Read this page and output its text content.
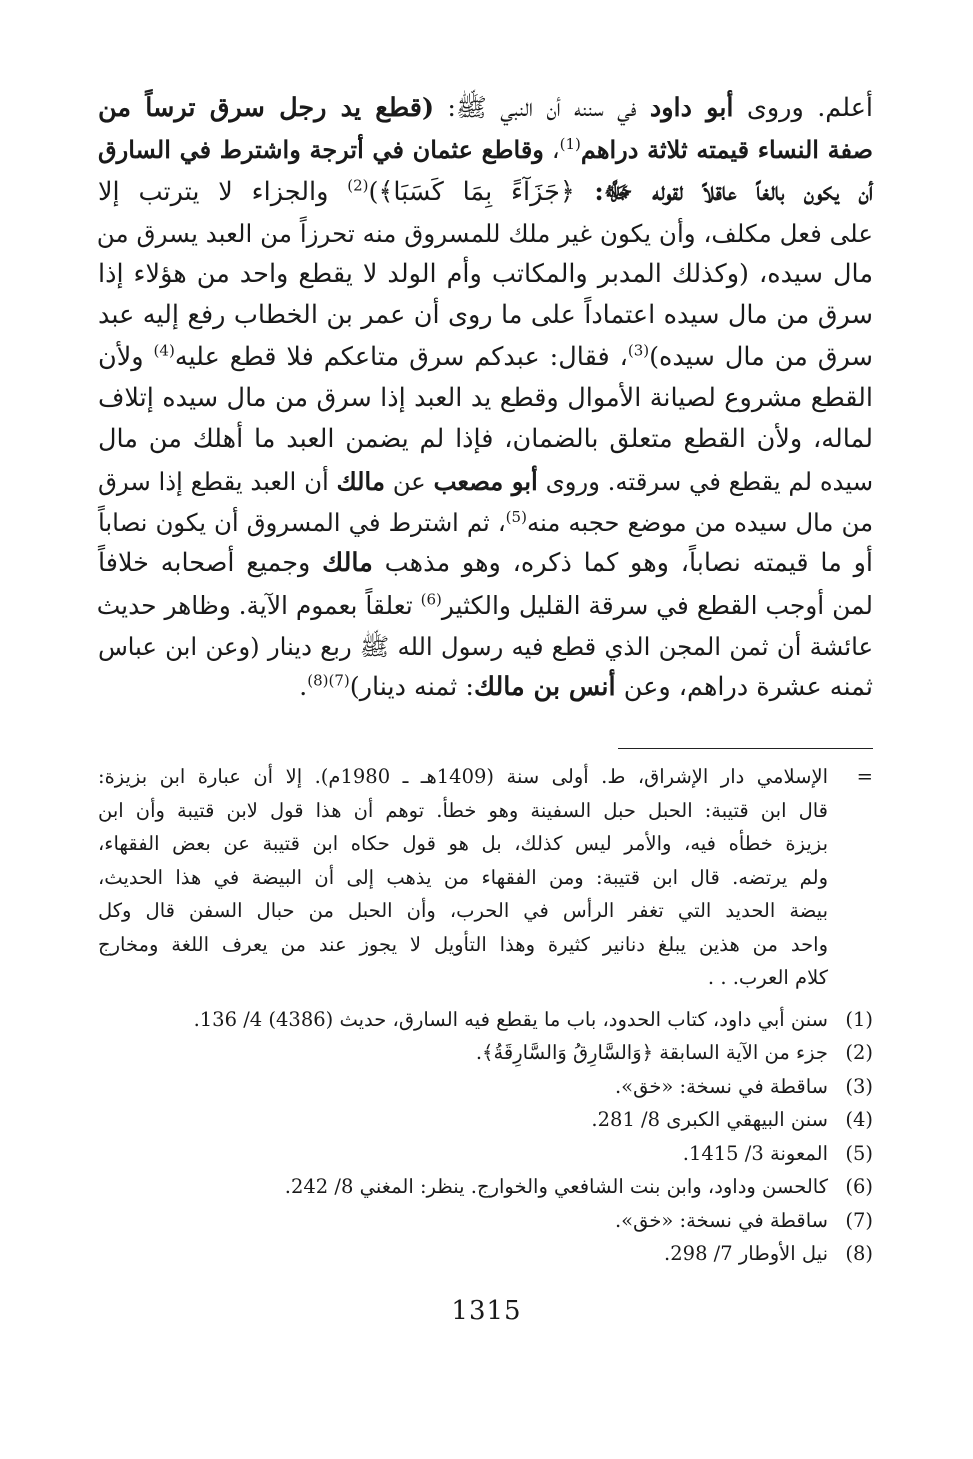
أعلم. وروى أبو داود في سننه أن النبي ﷺ: (قطع يد رجل سرق ترساً من
صفة النساء قيمته ثلاثة دراهم$^{(1)}$، وقاطع عثمان في أترجة واشترط في السارق
أن يكون بالغاً عاقلاً لقوله ﷻ: ﴿جَزَآءً بِمَا كَسَبَا﴾)$^{(2)}$ والجزاء لا يترتب إلا
على فعل مكلف، وأن يكون غير ملك للمسروق منه تحرزاً من العبد يسرق من
مال سيده، (وكذلك المدبر والمكاتب وأم الولد لا يقطع واحد من هؤلاء إذا
سرق من مال سيده اعتماداً على ما روى أن عمر بن الخطاب رفع إليه عبد
سرق من مال سيده)$^{(3)}$، فقال: عبدكم سرق متاعكم فلا قطع عليه$^{(4)}$ ولأن
القطع مشروع لصيانة الأموال وقطع يد العبد إذا سرق من مال سيده إتلاف
لماله، ولأن القطع متعلق بالضمان، فإذا لم يضمن العبد ما أهلك من مال
سيده لم يقطع في سرقته. وروى أبو مصعب عن مالك أن العبد يقطع إذا سرق
من مال سيده من موضع حجبه منه$^{(5)}$، ثم اشترط في المسروق أن يكون نصاباً
أو ما قيمته نصاباً، وهو كما ذكره، وهو مذهب مالك وجميع أصحابه خلافاً
لمن أوجب القطع في سرقة القليل والكثير$^{(6)}$ تعلقاً بعموم الآية. وظاهر حديث
عائشة أن ثمن المجن الذي قطع فيه رسول الله ﷺ ربع دينار (وعن ابن عباس
ثمنه عشرة دراهم، وعن أنس بن مالك: ثمنه دينار)$^{(7)(8)}$.
=
الإسلامي دار الإشراق، ط. أولى سنة (1409هـ ـ 1980م). إلا أن عبارة ابن بزيزة:
قال ابن قتيبة: الحبل حبل السفينة وهو خطأ. توهم أن هذا قول لابن قتيبة وأن ابن
بزيزة خطأه فيه، والأمر ليس كذلك، بل هو قول حكاه ابن قتيبة عن بعض الفقهاء،
ولم يرتضه. قال ابن قتيبة: ومن الفقهاء من يذهب إلى أن البيضة في هذا الحديث،
بيضة الحديد التي تغفر الرأس في الحرب، وأن الحبل من حبال السفن قال وكل
واحد من هذين يبلغ دنانير كثيرة وهذا التأويل لا يجوز عند من يعرف اللغة ومخارج
كلام العرب. . .
(1)
سنن أبي داود، كتاب الحدود، باب ما يقطع فيه السارق، حديث (4386) 4/ 136.
(2)
جزء من الآية السابقة ﴿وَالسَّارِقُ وَالسَّارِقَةُ﴾.
(3)
ساقطة في نسخة: «خق».
(4)
سنن البيهقي الكبرى 8/ 281.
(5)
المعونة 3/ 1415.
(6)
كالحسن وداود، وابن بنت الشافعي والخوارج. ينظر: المغني 8/ 242.
(7)
ساقطة في نسخة: «خق».
(8)
نيل الأوطار 7/ 298.
1315
